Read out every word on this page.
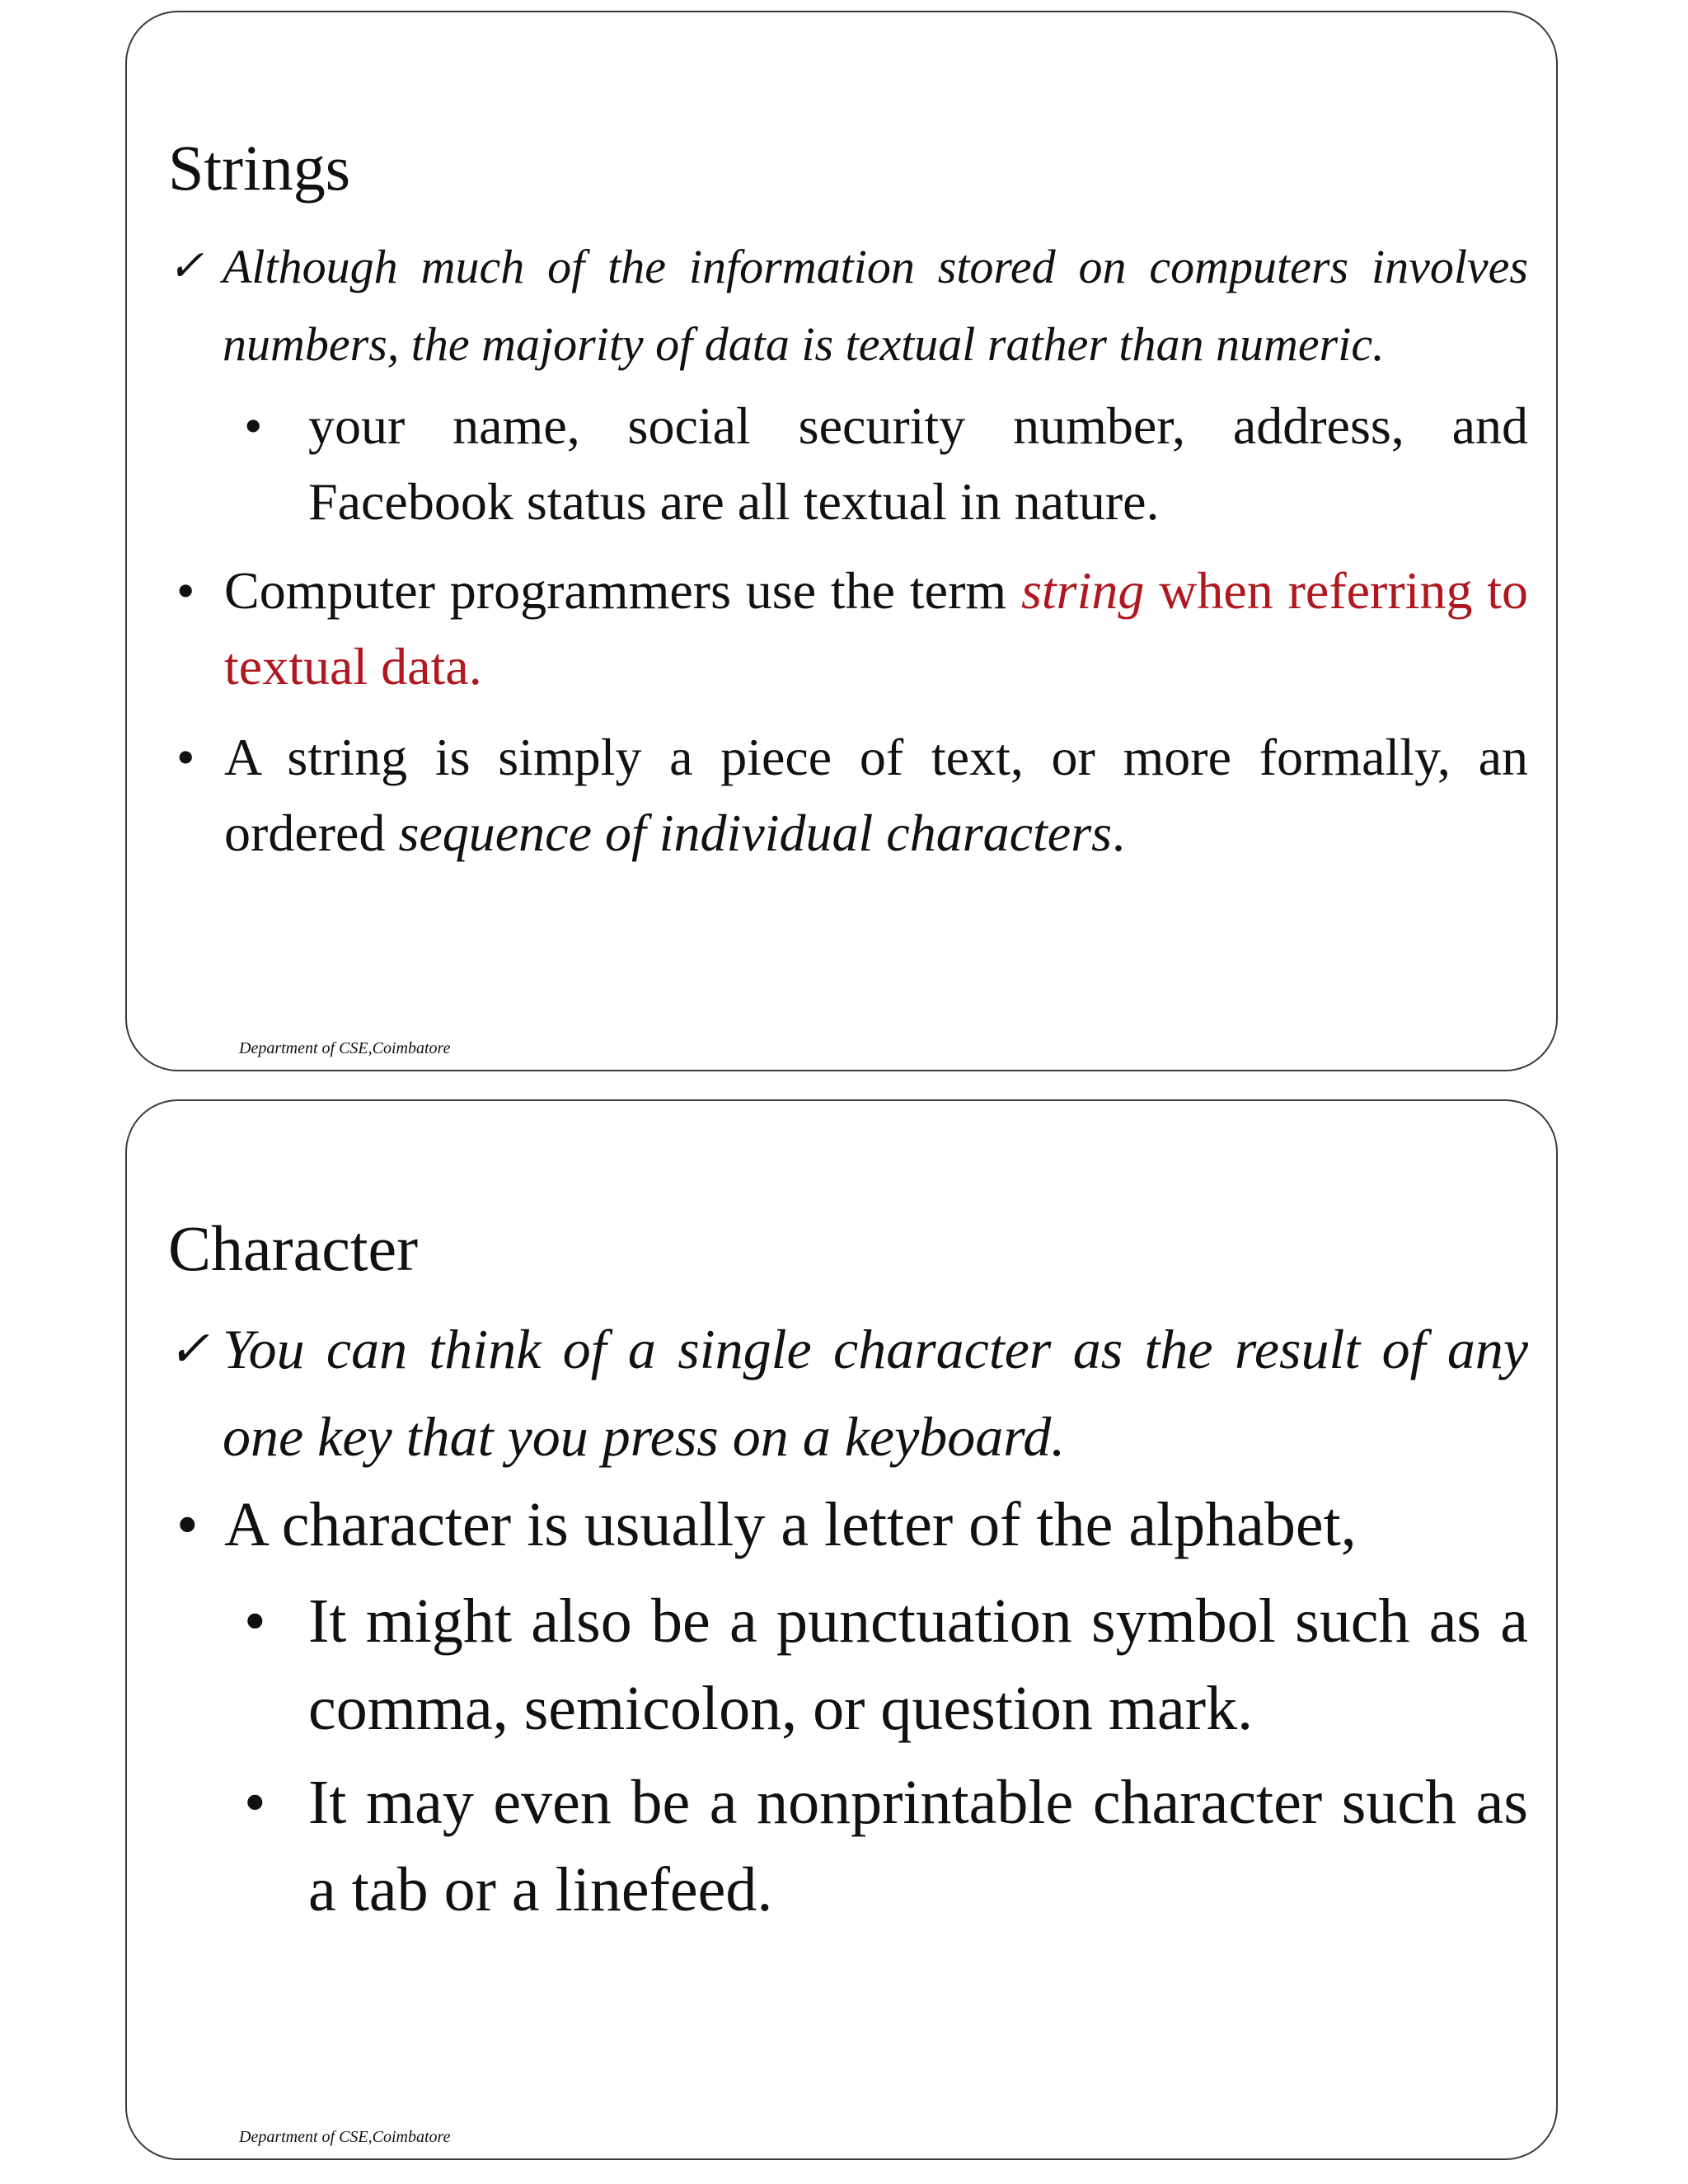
Strings

✓ Although much of the information stored on computers involves numbers, the majority of data is textual rather than numeric.

• your name, social security number, address, and Facebook status are all textual in nature.

• Computer programmers use the term string when referring to textual data.

• A string is simply a piece of text, or more formally, an ordered sequence of individual characters.

Department of CSE,Coimbatore
Character

✓ You can think of a single character as the result of any one key that you press on a keyboard.

• A character is usually a letter of the alphabet,

• It might also be a punctuation symbol such as a comma, semicolon, or question mark.

• It may even be a nonprintable character such as a tab or a linefeed.

Department of CSE,Coimbatore
